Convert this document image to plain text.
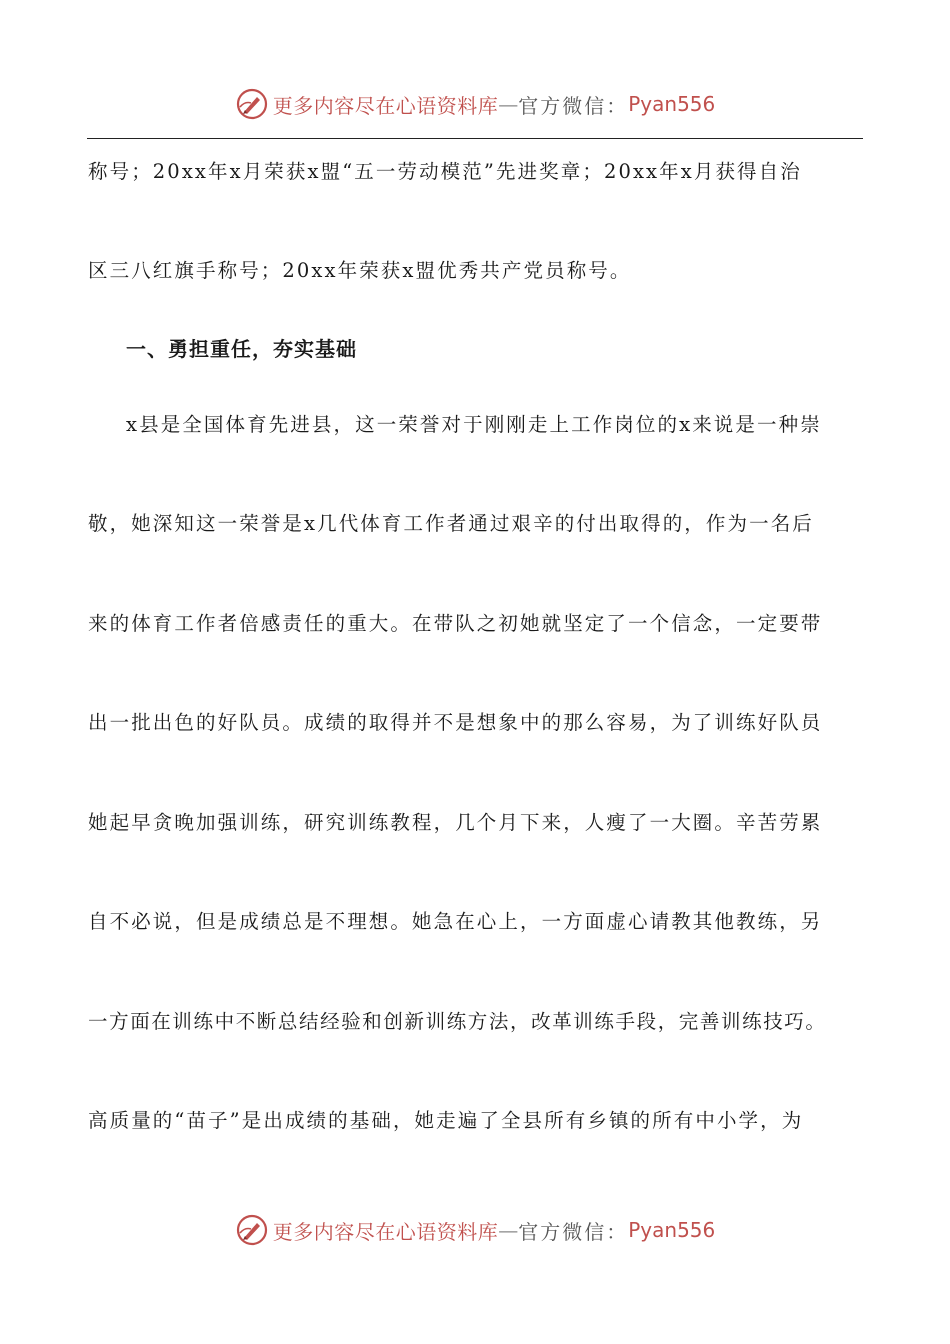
更多内容尽在心语资料库 — 官方微信： Pyan556
称号；20xx年x月荣获x盟“五一劳动模范”先进奖章；20xx年x月获得自治
区三八红旗手称号；20xx年荣获x盟优秀共产党员称号。
一、勇担重任，夯实基础
x县是全国体育先进县，这一荣誉对于刚刚走上工作岗位的x来说是一种崇
敬，她深知这一荣誉是x几代体育工作者通过艰辛的付出取得的，作为一名后
来的体育工作者倍感责任的重大。在带队之初她就坚定了一个信念，一定要带
出一批出色的好队员。成绩的取得并不是想象中的那么容易，为了训练好队员
她起早贪晚加强训练，研究训练教程，几个月下来，人瘦了一大圈。辛苦劳累
自不必说，但是成绩总是不理想。她急在心上，一方面虚心请教其他教练，另
一方面在训练中不断总结经验和创新训练方法，改革训练手段，完善训练技巧。
高质量的“苗子”是出成绩的基础，她走遍了全县所有乡镇的所有中小学，为
更多内容尽在心语资料库 — 官方微信： Pyan556
